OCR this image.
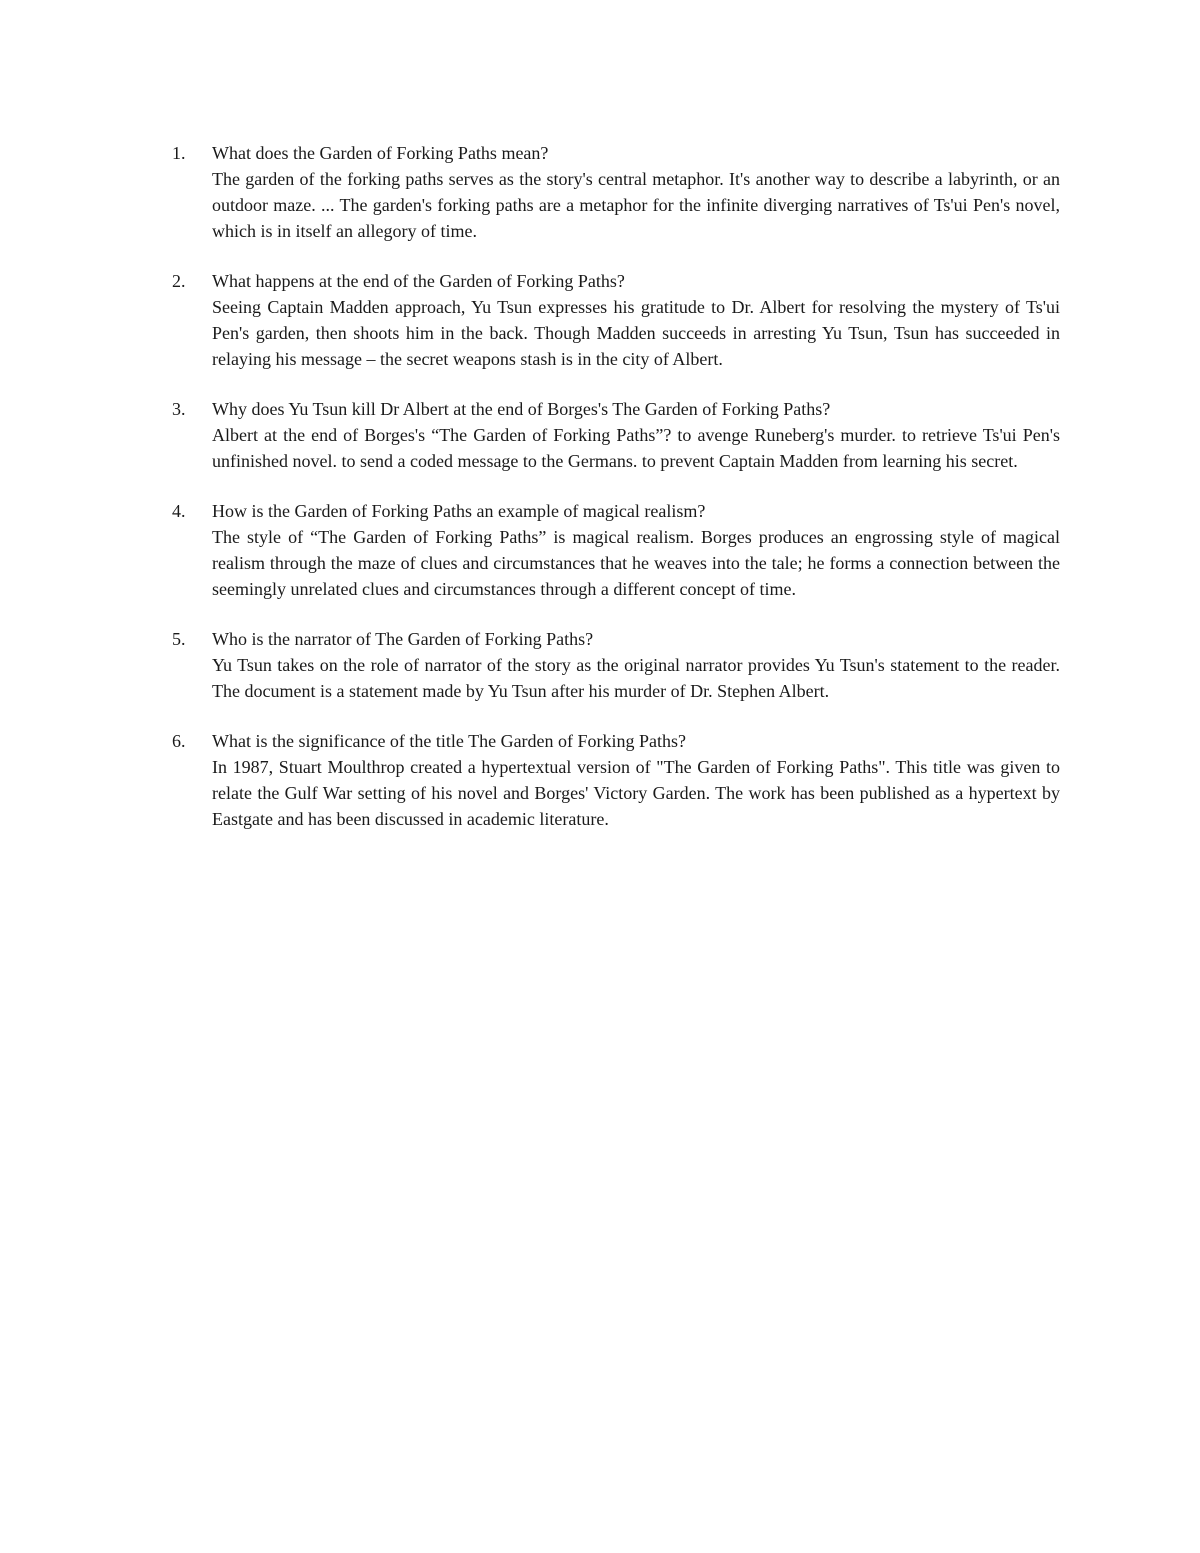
1.	What does the Garden of Forking Paths mean?
The garden of the forking paths serves as the story's central metaphor. It's another way to describe a labyrinth, or an outdoor maze. ... The garden's forking paths are a metaphor for the infinite diverging narratives of Ts'ui Pen's novel, which is in itself an allegory of time.
2.	What happens at the end of the Garden of Forking Paths?
Seeing Captain Madden approach, Yu Tsun expresses his gratitude to Dr. Albert for resolving the mystery of Ts'ui Pen's garden, then shoots him in the back. Though Madden succeeds in arresting Yu Tsun, Tsun has succeeded in relaying his message – the secret weapons stash is in the city of Albert.
3.	Why does Yu Tsun kill Dr Albert at the end of Borges's The Garden of Forking Paths?
Albert at the end of Borges's “The Garden of Forking Paths”? to avenge Runeberg's murder. to retrieve Ts'ui Pen's unfinished novel. to send a coded message to the Germans. to prevent Captain Madden from learning his secret.
4.	How is the Garden of Forking Paths an example of magical realism?
The style of “The Garden of Forking Paths” is magical realism. Borges produces an engrossing style of magical realism through the maze of clues and circumstances that he weaves into the tale; he forms a connection between the seemingly unrelated clues and circumstances through a different concept of time.
5.	Who is the narrator of The Garden of Forking Paths?
Yu Tsun takes on the role of narrator of the story as the original narrator provides Yu Tsun's statement to the reader. The document is a statement made by Yu Tsun after his murder of Dr. Stephen Albert.
6.	What is the significance of the title The Garden of Forking Paths?
In 1987, Stuart Moulthrop created a hypertextual version of "The Garden of Forking Paths". This title was given to relate the Gulf War setting of his novel and Borges' Victory Garden. The work has been published as a hypertext by Eastgate and has been discussed in academic literature.
